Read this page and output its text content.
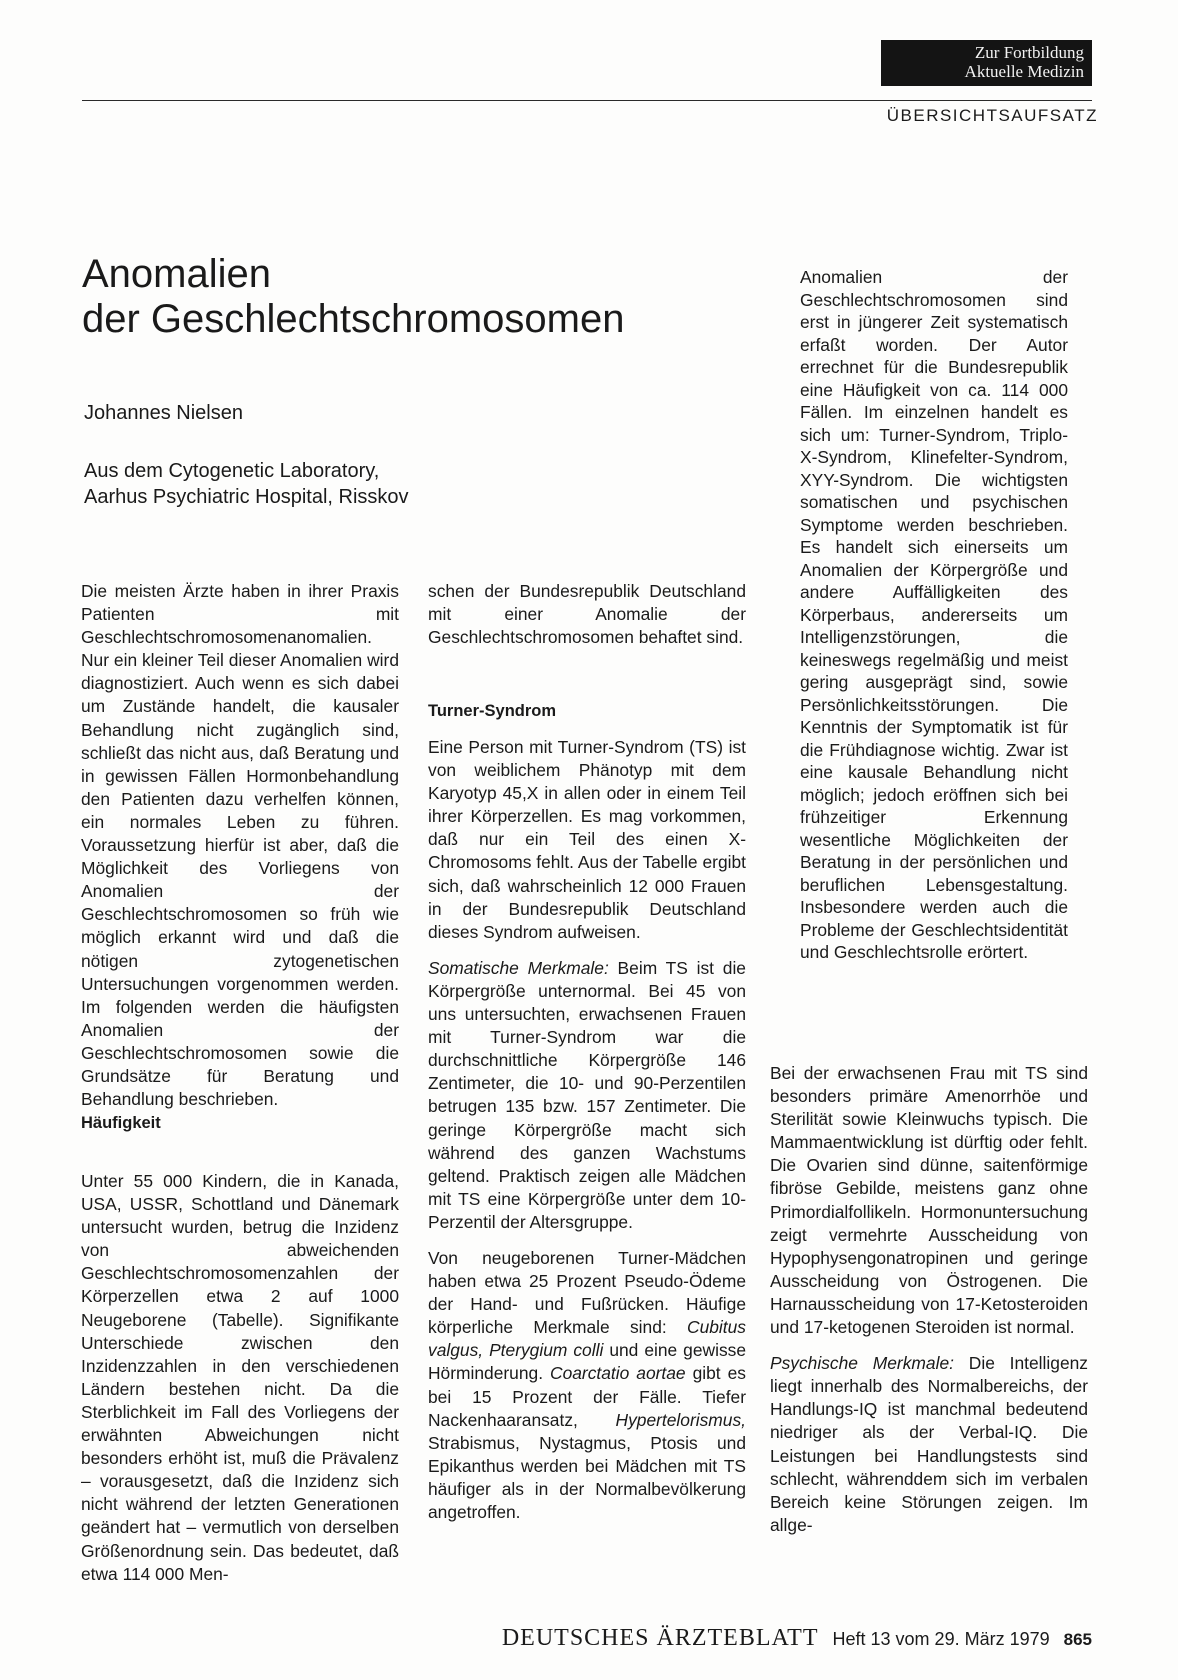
Zur Fortbildung
Aktuelle Medizin
ÜBERSICHTSAUFSATZ
Anomalien
der Geschlechtschromosomen
Johannes Nielsen
Aus dem Cytogenetic Laboratory,
Aarhus Psychiatric Hospital, Risskov

Anomalien der Geschlechtschromosomen sind erst in jüngerer Zeit systematisch erfaßt worden. Der Autor errechnet für die Bundesrepublik eine Häufigkeit von ca. 114 000 Fällen. Im einzelnen handelt es sich um: Turner-Syndrom, Triplo-X-Syndrom, Klinefelter-Syndrom, XYY-Syndrom. Die wichtigsten somatischen und psychischen Symptome werden beschrieben. Es handelt sich einerseits um Anomalien der Körpergröße und andere Auffälligkeiten des Körperbaus, andererseits um Intelligenzstörungen, die keineswegs regelmäßig und meist gering ausgeprägt sind, sowie Persönlichkeitsstörungen. Die Kenntnis der Symptomatik ist für die Frühdiagnose wichtig. Zwar ist eine kausale Behandlung nicht möglich; jedoch eröffnen sich bei frühzeitiger Erkennung wesentliche Möglichkeiten der Beratung in der persönlichen und beruflichen Lebensgestaltung. Insbesondere werden auch die Probleme der Geschlechtsidentität und Geschlechtsrolle erörtert.

Die meisten Ärzte haben in ihrer Praxis Patienten mit Geschlechtschromosomenanomalien. Nur ein kleiner Teil dieser Anomalien wird diagnostiziert. Auch wenn es sich dabei um Zustände handelt, die kausaler Behandlung nicht zugänglich sind, schließt das nicht aus, daß Beratung und in gewissen Fällen Hormonbehandlung den Patienten dazu verhelfen können, ein normales Leben zu führen. Voraussetzung hierfür ist aber, daß die Möglichkeit des Vorliegens von Anomalien der Geschlechtschromosomen so früh wie möglich erkannt wird und daß die nötigen zytogenetischen Untersuchungen vorgenommen werden. Im folgenden werden die häufigsten Anomalien der Geschlechtschromosomen sowie die Grundsätze für Beratung und Behandlung beschrieben.

Häufigkeit

Unter 55 000 Kindern, die in Kanada, USA, USSR, Schottland und Dänemark untersucht wurden, betrug die Inzidenz von abweichenden Geschlechtschromosomenzahlen der Körperzellen etwa 2 auf 1000 Neugeborene (Tabelle). Signifikante Unterschiede zwischen den Inzidenzzahlen in den verschiedenen Ländern bestehen nicht. Da die Sterblichkeit im Fall des Vorliegens der erwähnten Abweichungen nicht besonders erhöht ist, muß die Prävalenz – vorausgesetzt, daß die Inzidenz sich nicht während der letzten Generationen geändert hat – vermutlich von derselben Größenordnung sein. Das bedeutet, daß etwa 114 000 Men-

schen der Bundesrepublik Deutschland mit einer Anomalie der Geschlechtschromosomen behaftet sind.

Turner-Syndrom

Eine Person mit Turner-Syndrom (TS) ist von weiblichem Phänotyp mit dem Karyotyp 45,X in allen oder in einem Teil ihrer Körperzellen. Es mag vorkommen, daß nur ein Teil des einen X-Chromosoms fehlt. Aus der Tabelle ergibt sich, daß wahrscheinlich 12 000 Frauen in der Bundesrepublik Deutschland dieses Syndrom aufweisen.

Somatische Merkmale: Beim TS ist die Körpergröße unternormal. Bei 45 von uns untersuchten, erwachsenen Frauen mit Turner-Syndrom war die durchschnittliche Körpergröße 146 Zentimeter, die 10- und 90-Perzentilen betrugen 135 bzw. 157 Zentimeter. Die geringe Körpergröße macht sich während des ganzen Wachstums geltend. Praktisch zeigen alle Mädchen mit TS eine Körpergröße unter dem 10-Perzentil der Altersgruppe.

Von neugeborenen Turner-Mädchen haben etwa 25 Prozent Pseudo-Ödeme der Hand- und Fußrücken. Häufige körperliche Merkmale sind: Cubitus valgus, Pterygium colli und eine gewisse Hörminderung. Coarctatio aortae gibt es bei 15 Prozent der Fälle. Tiefer Nackenhaaransatz, Hypertelorismus, Strabismus, Nystagmus, Ptosis und Epikanthus werden bei Mädchen mit TS häufiger als in der Normalbevölkerung angetroffen.

Bei der erwachsenen Frau mit TS sind besonders primäre Amenorrhöe und Sterilität sowie Kleinwuchs typisch. Die Mammaentwicklung ist dürftig oder fehlt. Die Ovarien sind dünne, saitenförmige fibröse Gebilde, meistens ganz ohne Primordialfollikeln. Hormonuntersuchung zeigt vermehrte Ausscheidung von Hypophysengonatropinen und geringe Ausscheidung von Östrogenen. Die Harnausscheidung von 17-Ketosteroiden und 17-ketogenen Steroiden ist normal.

Psychische Merkmale: Die Intelligenz liegt innerhalb des Normalbereichs, der Handlungs-IQ ist manchmal bedeutend niedriger als der Verbal-IQ. Die Leistungen bei Handlungstests sind schlecht, währenddem sich im verbalen Bereich keine Störungen zeigen. Im allge-

DEUTSCHES ÄRZTEBLATT Heft 13 vom 29. März 1979 865
